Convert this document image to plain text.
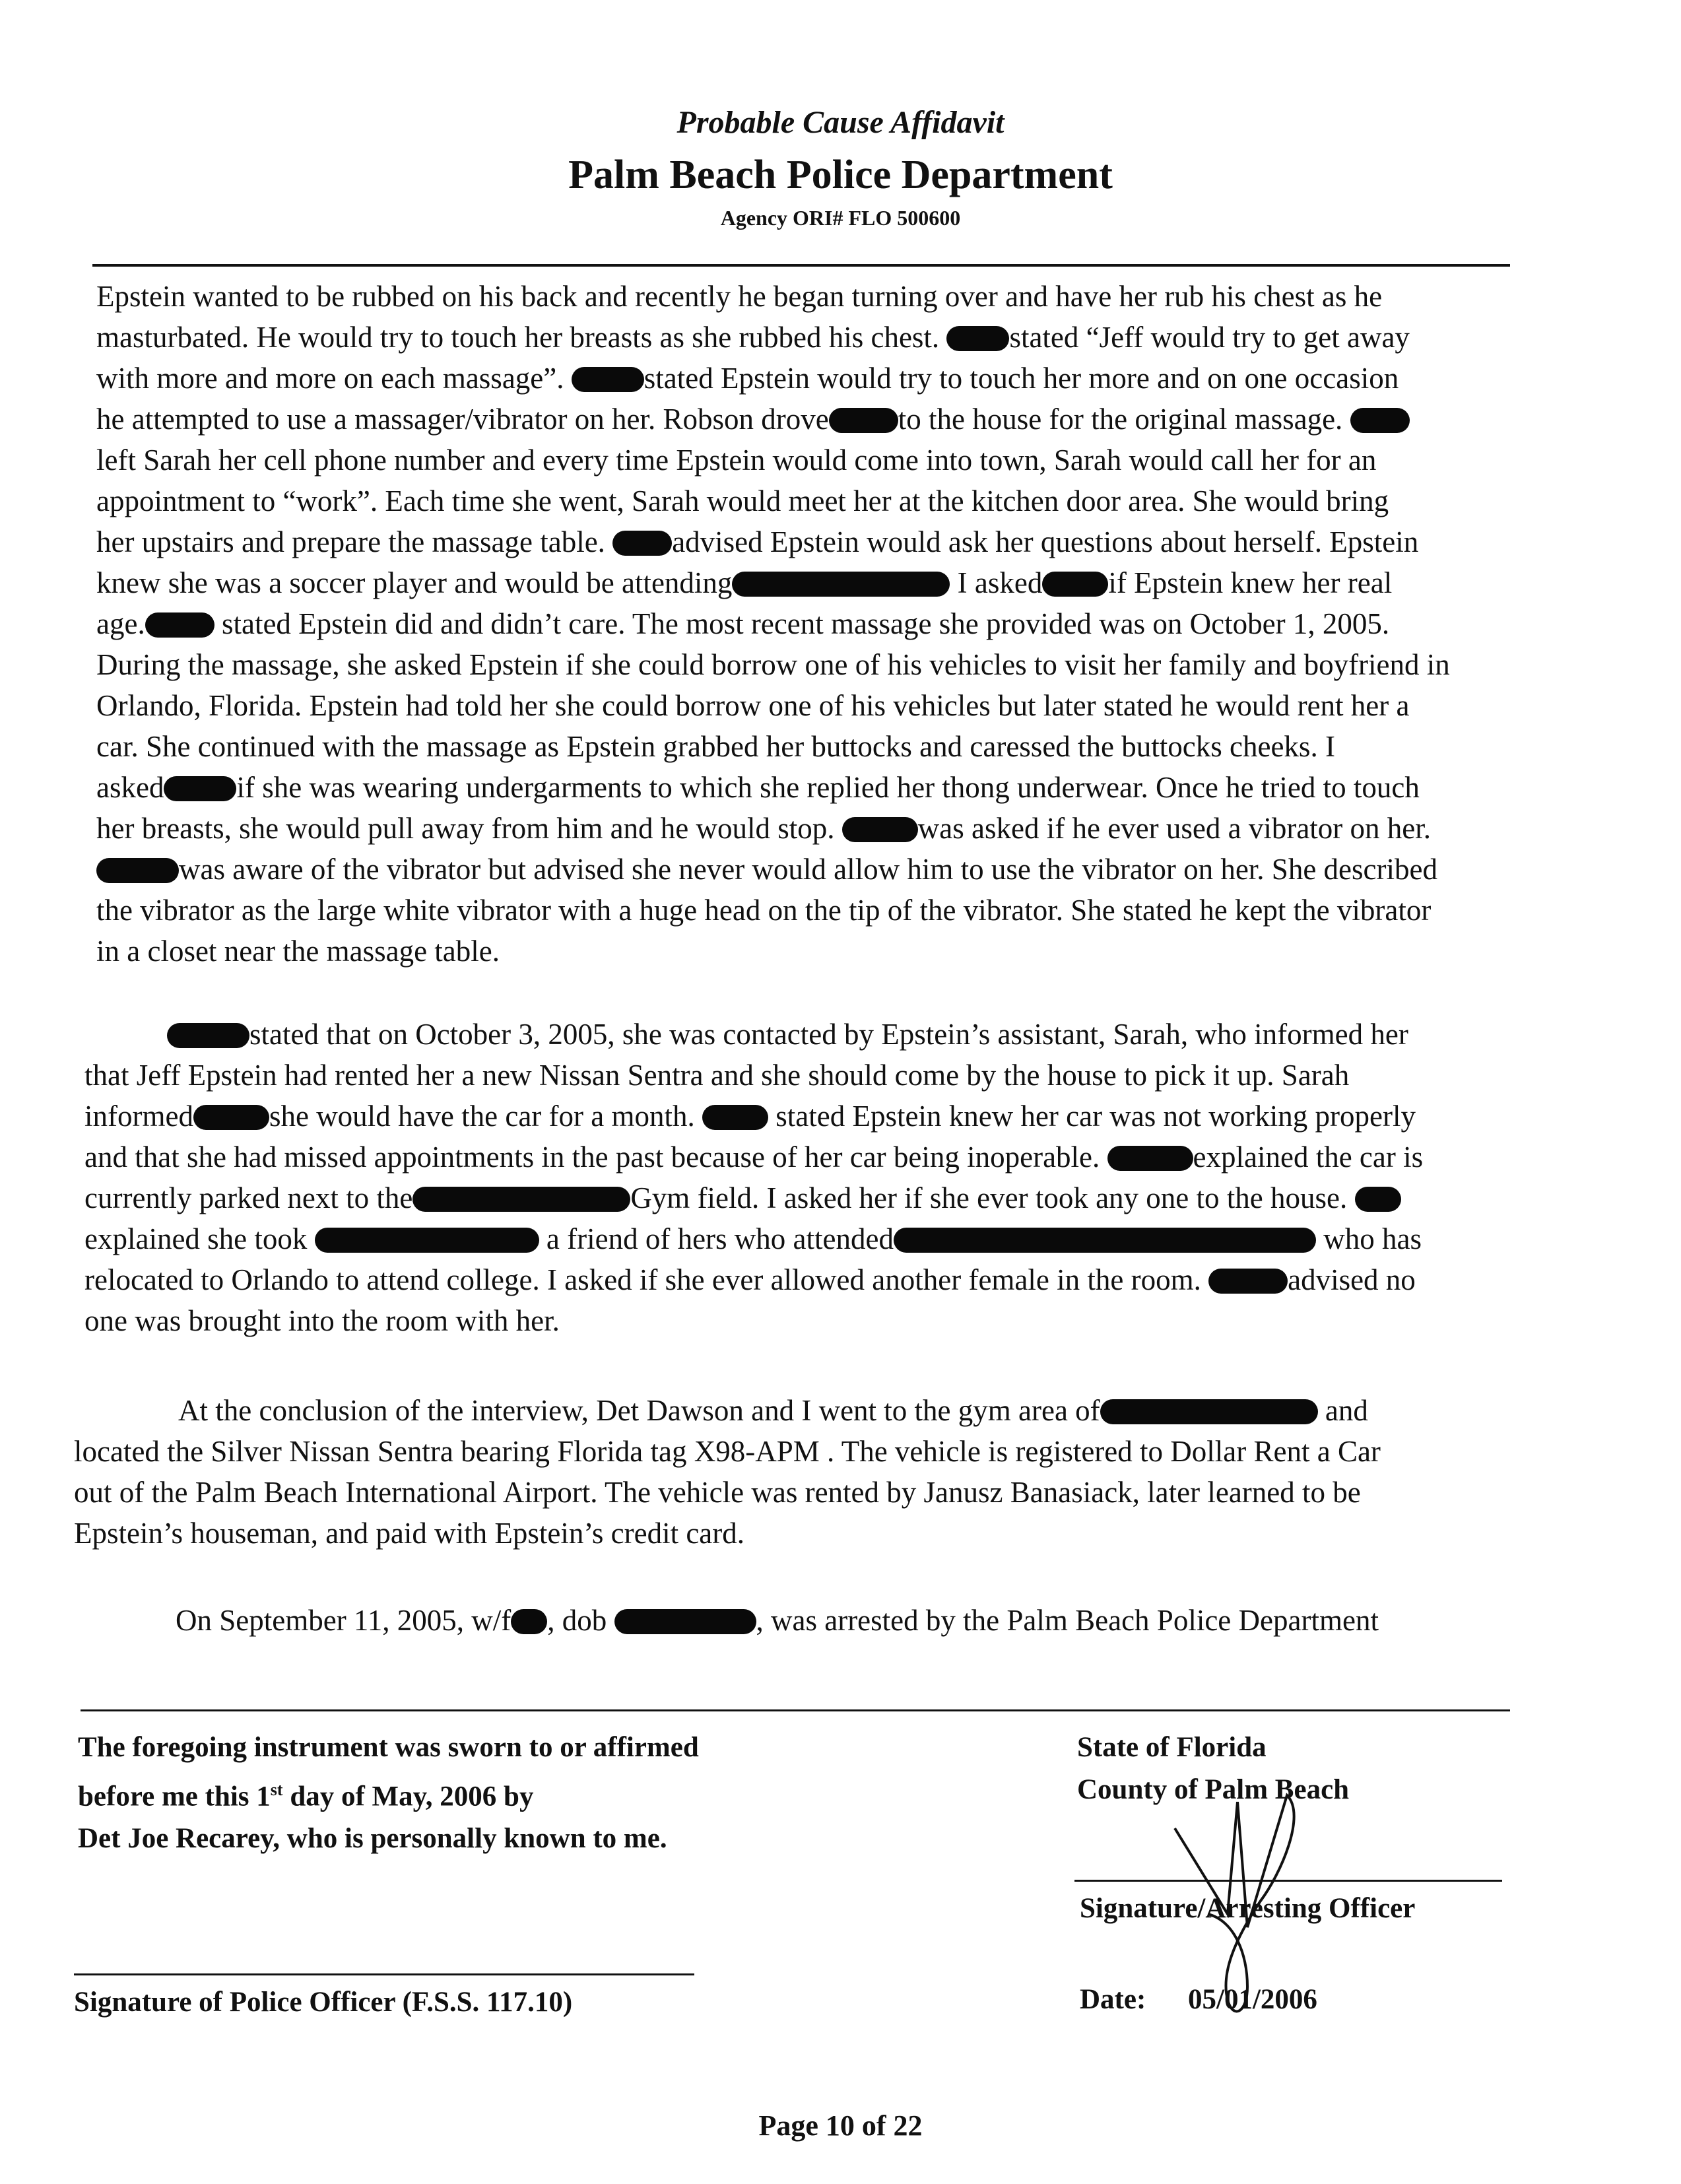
Probable Cause Affidavit
Palm Beach Police Department
Agency ORI# FLO 500600
Epstein wanted to be rubbed on his back and recently he began turning over and have her rub his chest as he
masturbated. He would try to touch her breasts as she rubbed his chest. stated “Jeff would try to get away
with more and more on each massage”.	stated Epstein would try to touch her more and on one occasion
he attempted to use a massager/vibrator on her. Robson drove to the house for the original massage.
left Sarah her cell phone number and every time Epstein would come into town, Sarah would call her for an
appointment to “work”. Each time she went, Sarah would meet her at the kitchen door area. She would bring
her upstairs and prepare the massage table. advised Epstein would ask her questions about herself. Epstein
knew she was a soccer player and would be attending	I asked if Epstein knew her real
age.	stated Epstein did and didn’t care. The most recent massage she provided was on October 1, 2005.
During the massage, she asked Epstein if she could borrow one of his vehicles to visit her family and boyfriend in
Orlando, Florida. Epstein had told her she could borrow one of his vehicles but later stated he would rent her a
car. She continued with the massage as Epstein grabbed her buttocks and caressed the buttocks cheeks. I
asked if she was wearing undergarments to which she replied her thong underwear. Once he tried to touch
her breasts, she would pull away from him and he would stop.	was asked if he ever used a vibrator on her.
was aware of the vibrator but advised she never would allow him to use the vibrator on her. She described
the vibrator as the large white vibrator with a huge head on the tip of the vibrator. She stated he kept the vibrator
in a closet near the massage table.
stated that on October 3, 2005, she was contacted by Epstein’s assistant, Sarah, who informed her
that Jeff Epstein had rented her a new Nissan Sentra and she should come by the house to pick it up. Sarah
informed	she would have the car for a month.	stated Epstein knew her car was not working properly
and that she had missed appointments in the past because of her car being inoperable.	explained the car is
currently parked next to the	Gym field. I asked her if she ever took any one to the house.
explained she took	a friend of hers who attended	who has
relocated to Orlando to attend college. I asked if she ever allowed another female in the room.	advised no
one was brought into the room with her.
At the conclusion of the interview, Det Dawson and I went to the gym area of	and
located the Silver Nissan Sentra bearing Florida tag X98-APM . The vehicle is registered to Dollar Rent a Car
out of the Palm Beach International Airport. The vehicle was rented by Janusz Banasiack, later learned to be
Epstein’s houseman, and paid with Epstein’s credit card.
On September 11, 2005, w/f , dob	, was arrested by the Palm Beach Police Department
The foregoing instrument was sworn to or affirmed
before me this 1st day of May, 2006 by
Det Joe Recarey, who is personally known to me.
State of Florida
County of Palm Beach
Signature/Arresting Officer
Date: 05/01/2006
Signature of Police Officer (F.S.S. 117.10)
Page 10 of 22
